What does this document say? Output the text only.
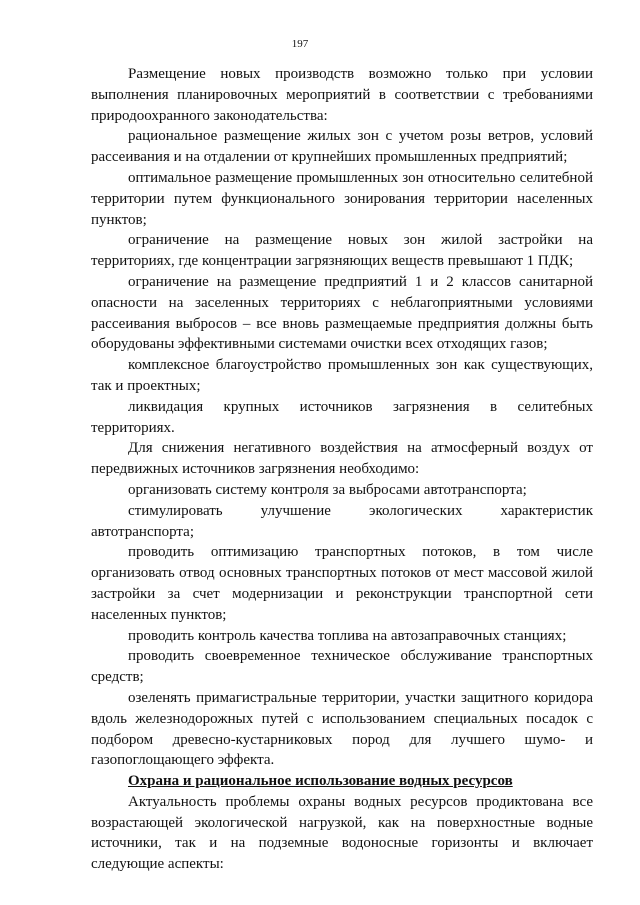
197

Размещение новых производств возможно только при условии выполнения планировочных мероприятий в соответствии с требованиями природоохранного законодательства:

рациональное размещение жилых зон с учетом розы ветров, условий рассеивания и на отдалении от крупнейших промышленных предприятий;

оптимальное размещение промышленных зон относительно селитебной территории путем функционального зонирования территории населенных пунктов;

ограничение на размещение новых зон жилой застройки на территориях, где концентрации загрязняющих веществ превышают 1 ПДК;

ограничение на размещение предприятий 1 и 2 классов санитарной опасности на заселенных территориях с неблагоприятными условиями рассеивания выбросов – все вновь размещаемые предприятия должны быть оборудованы эффективными системами очистки всех отходящих газов;

комплексное благоустройство промышленных зон как существующих, так и проектных;

ликвидация крупных источников загрязнения в селитебных территориях.

Для снижения негативного воздействия на атмосферный воздух от передвижных источников загрязнения необходимо:

организовать систему контроля за выбросами автотранспорта;

стимулировать улучшение экологических характеристик автотранспорта;

проводить оптимизацию транспортных потоков, в том числе организовать отвод основных транспортных потоков от мест массовой жилой застройки за счет модернизации и реконструкции транспортной сети населенных пунктов;

проводить контроль качества топлива на автозаправочных станциях;

проводить своевременное техническое обслуживание транспортных средств;

озеленять примагистральные территории, участки защитного коридора вдоль железнодорожных путей с использованием специальных посадок с подбором древесно-кустарниковых пород для лучшего шумо- и газопоглощающего эффекта.

Охрана и рациональное использование водных ресурсов

Актуальность проблемы охраны водных ресурсов продиктована все возрастающей экологической нагрузкой, как на поверхностные водные источники, так и на подземные водоносные горизонты и включает следующие аспекты:
